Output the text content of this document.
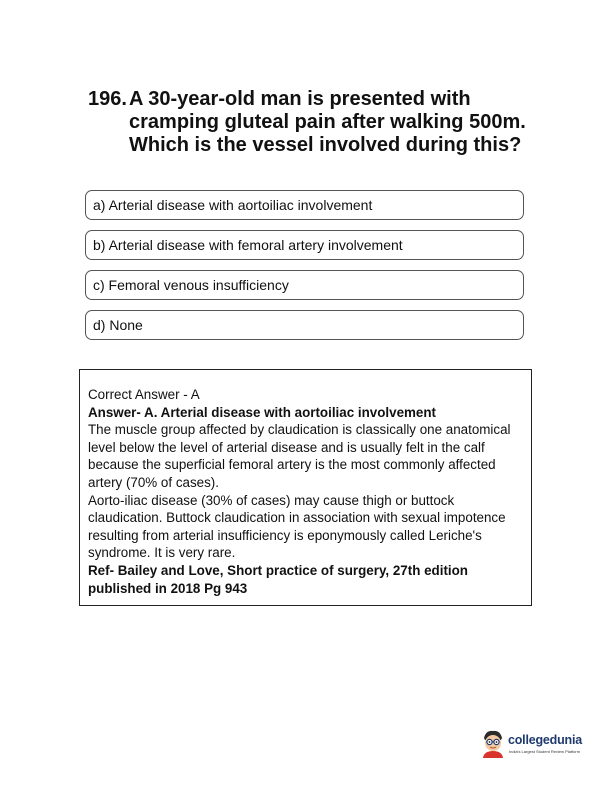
196. A 30-year-old man is presented with cramping gluteal pain after walking 500m. Which is the vessel involved during this?
a) Arterial disease with aortoiliac involvement
b) Arterial disease with femoral artery involvement
c) Femoral venous insufficiency
d) None

Correct Answer - A

Answer- A. Arterial disease with aortoiliac involvement

The muscle group affected by claudication is classically one anatomical level below the level of arterial disease and is usually felt in the calf because the superficial femoral artery is the most commonly affected artery (70% of cases).

Aorto-iliac disease (30% of cases) may cause thigh or buttock claudication. Buttock claudication in association with sexual impotence resulting from arterial insufficiency is eponymously called Leriche's syndrome. It is very rare.

Ref- Bailey and Love, Short practice of surgery, 27th edition published in 2018 Pg 943

collegedunia
India's Largest Student Review Platform
